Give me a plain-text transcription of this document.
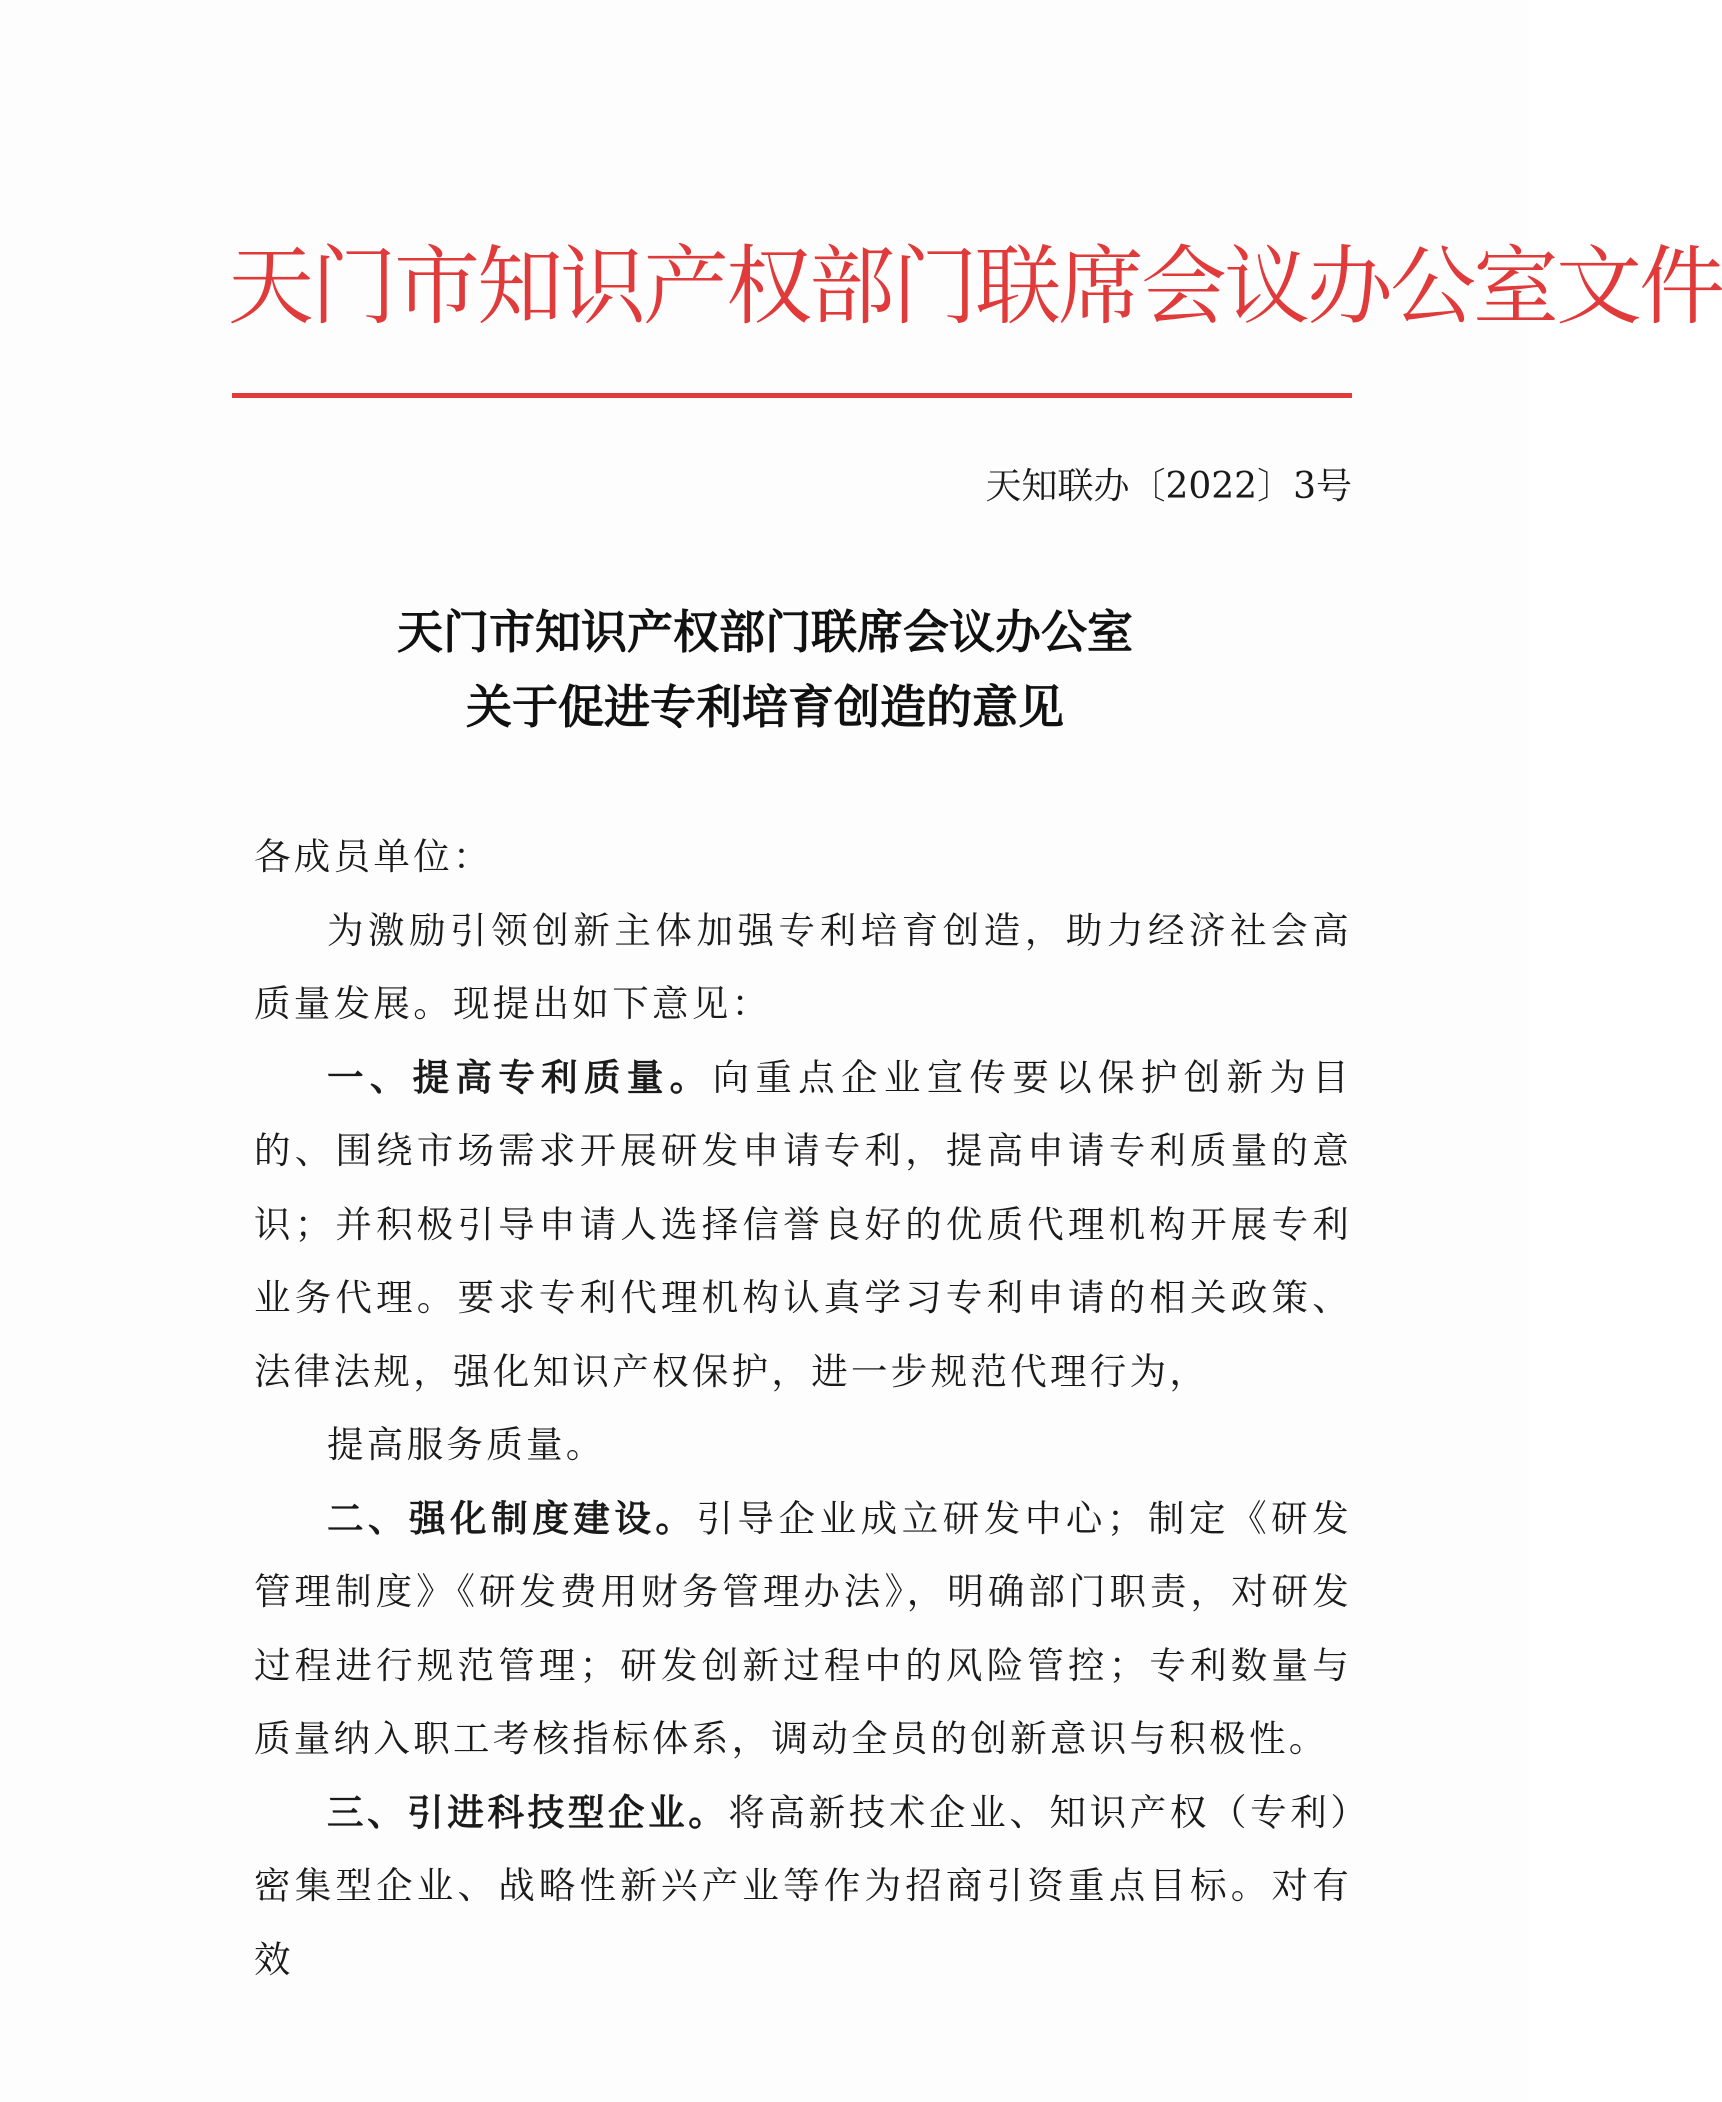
天门市知识产权部门联席会议办公室文件
天知联办〔2022〕3号
天门市知识产权部门联席会议办公室
关于促进专利培育创造的意见

各成员单位：

为激励引领创新主体加强专利培育创造，助力经济社会高质量发展。现提出如下意见：

一、提高专利质量。向重点企业宣传要以保护创新为目的、围绕市场需求开展研发申请专利，提高申请专利质量的意识；并积极引导申请人选择信誉良好的优质代理机构开展专利业务代理。要求专利代理机构认真学习专利申请的相关政策、法律法规，强化知识产权保护，进一步规范代理行为，

提高服务质量。

二、强化制度建设。引导企业成立研发中心；制定《研发管理制度》《研发费用财务管理办法》，明确部门职责，对研发过程进行规范管理；研发创新过程中的风险管控；专利数量与质量纳入职工考核指标体系，调动全员的创新意识与积极性。

三、引进科技型企业。将高新技术企业、知识产权（专利）密集型企业、战略性新兴产业等作为招商引资重点目标。对有效
